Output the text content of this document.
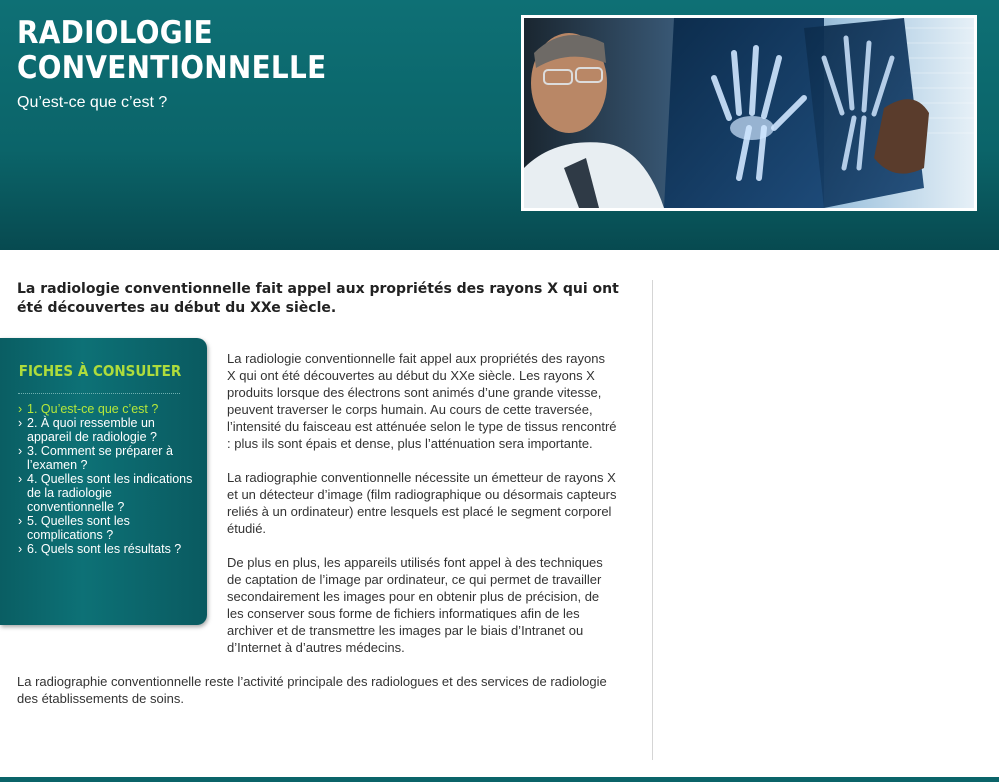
RADIOLOGIE
CONVENTIONNELLE
Qu’est-ce que c’est ?

La radiologie conventionnelle fait appel aux propriétés des rayons X qui ont été découvertes au début du XXe siècle.

FICHES À CONSULTER
› 1. Qu’est-ce que c’est ?
› 2. À quoi ressemble un appareil de radiologie ?
› 3. Comment se préparer à l’examen ?
› 4. Quelles sont les indications de la radiologie conventionnelle ?
› 5. Quelles sont les complications ?
› 6. Quels sont les résultats ?

La radiologie conventionnelle fait appel aux propriétés des rayons X qui ont été découvertes au début du XXe siècle. Les rayons X produits lorsque des électrons sont animés d’une grande vitesse, peuvent traverser le corps humain. Au cours de cette traversée, l’intensité du faisceau est atténuée selon le type de tissus rencontré : plus ils sont épais et dense, plus l’atténuation sera importante.

La radiographie conventionnelle nécessite un émetteur de rayons X et un détecteur d’image (film radiographique ou désormais capteurs reliés à un ordinateur) entre lesquels est placé le segment corporel étudié.

De plus en plus, les appareils utilisés font appel à des techniques de captation de l’image par ordinateur, ce qui permet de travailler secondairement les images pour en obtenir plus de précision, de les conserver sous forme de fichiers informatiques afin de les archiver et de transmettre les images par le biais d’Intranet ou d’Internet à d’autres médecins.

La radiographie conventionnelle reste l’activité principale des radiologues et des services de radiologie des établissements de soins.
